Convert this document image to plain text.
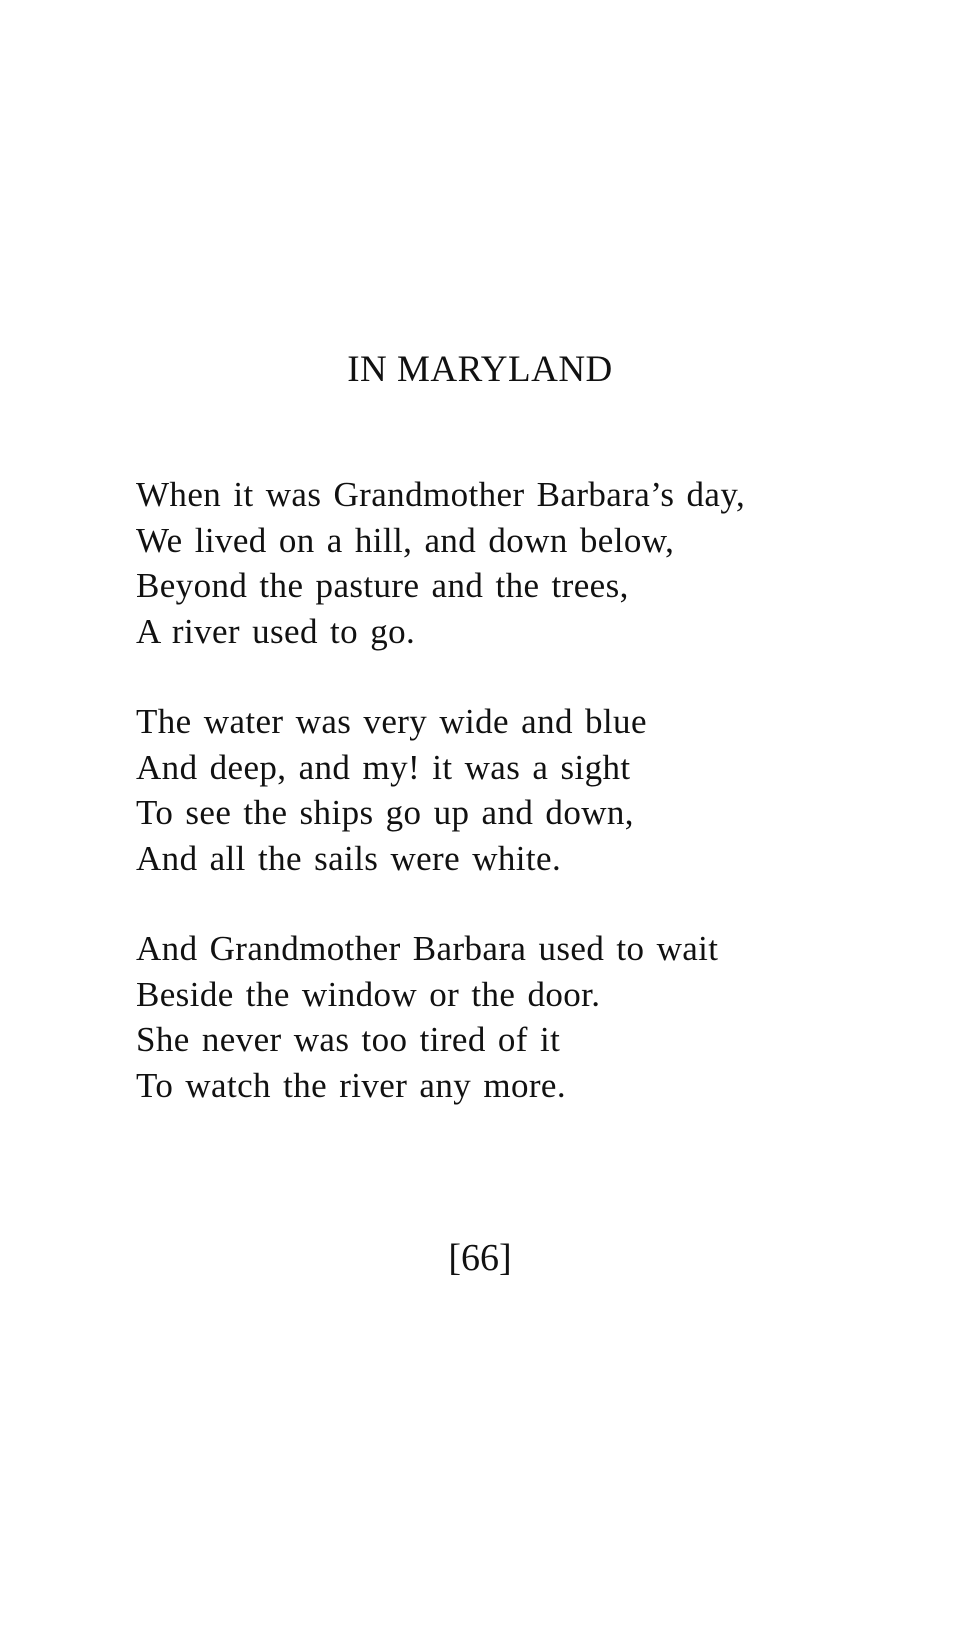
IN MARYLAND
When it was Grandmother Barbara’s day,
We lived on a hill, and down below,
Beyond the pasture and the trees,
A river used to go.
The water was very wide and blue
And deep, and my! it was a sight
To see the ships go up and down,
And all the sails were white.
And Grandmother Barbara used to wait
Beside the window or the door.
She never was too tired of it
To watch the river any more.
[66]
